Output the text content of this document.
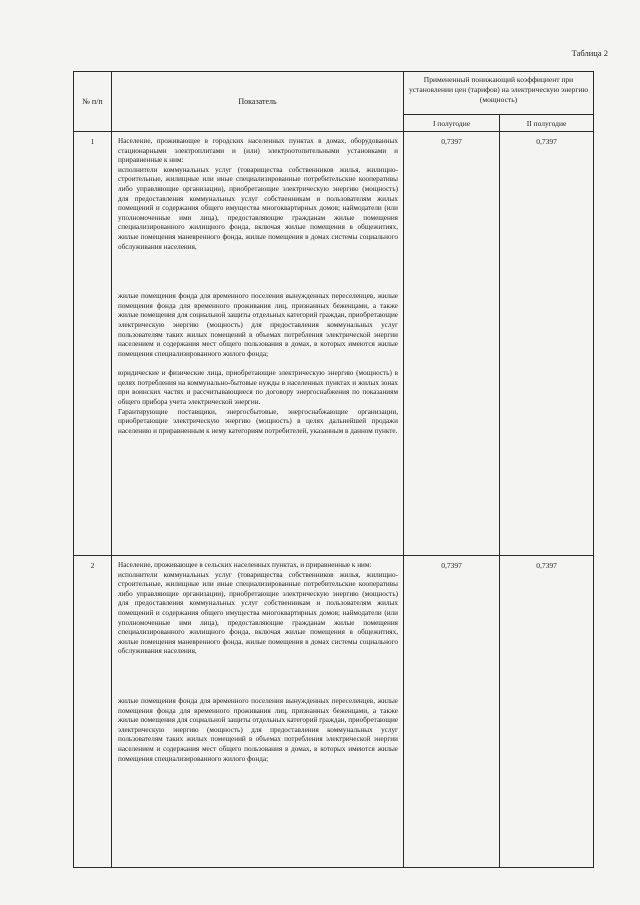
Таблица 2
№ п/п	Показатель	Примененный понижающий коэффициент при установлении цен (тарифов) на электрическую энергию (мощность)	
		I полугодие	II полугодие
1	Население, проживающее в городских населенных пунктах в домах, оборудованных стационарными электроплитами и (или) электроотопительными установками и приравненные к ним:

исполнители коммунальных услуг (товарищества собственников жилья, жилищно-строительные, жилищные или иные специализированные потребительские кооперативы либо управляющие организации), приобретающие электрическую энергию (мощность) для предоставления коммунальных услуг собственникам и пользователям жилых помещений и содержания общего имущества многоквартирных домов; наймодатели (или уполномоченные ими лица), предоставляющие гражданам жилые помещения специализированного жилищного фонда, включая жилые помещения в общежитиях, жилые помещения маневренного фонда, жилые помещения в домах системы социального обслуживания населения,

жилые помещения фонда для временного поселения вынужденных переселенцев, жилые помещения фонда для временного проживания лиц, признанных беженцами, а также жилые помещения для социальной защиты отдельных категорий граждан, приобретающие электрическую энергию (мощность) для предоставления коммунальных услуг пользователям таких жилых помещений в объемах потребления электрической энергии населением и содержания мест общего пользования в домах, в которых имеются жилые помещения специализированного жилого фонда;

юридические и физические лица, приобретающие электрическую энергию (мощность) в целях потребления на коммунально-бытовые нужды в населенных пунктах и жилых зонах при воинских частях и рассчитывающиеся по договору энергоснабжения по показаниям общего прибора учета электрической энергии.

Гарантирующие поставщики, энергосбытовые, энергоснабжающие организации, приобретающие электрическую энергию (мощность) в целях дальнейшей продажи населению и приравненным к нему категориям потребителей, указанным в данном пункте.	0,7397	0,7397
2	Население, проживающее в сельских населенных пунктах, и приравненные к ним:

исполнители коммунальных услуг (товарищества собственников жилья, жилищно-строительные, жилищные или иные специализированные потребительские кооперативы либо управляющие организации), приобретающие электрическую энергию (мощность) для предоставления коммунальных услуг собственникам и пользователям жилых помещений и содержания общего имущества многоквартирных домов; наймодатели (или уполномоченные ими лица), предоставляющие гражданам жилые помещения специализированного жилищного фонда, включая жилые помещения в общежитиях, жилые помещения маневренного фонда, жилые помещения в домах системы социального обслуживания населения,

жилые помещения фонда для временного поселения вынужденных переселенцев, жилые помещения фонда для временного проживания лиц, признанных беженцами, а также жилые помещения для социальной защиты отдельных категорий граждан, приобретающие электрическую энергию (мощность) для предоставления коммунальных услуг пользователям таких жилых помещений в объемах потребления электрической энергии населением и содержания мест общего пользования в домах, в которых имеются жилые помещения специализированного жилого фонда;	0,7397	0,7397
